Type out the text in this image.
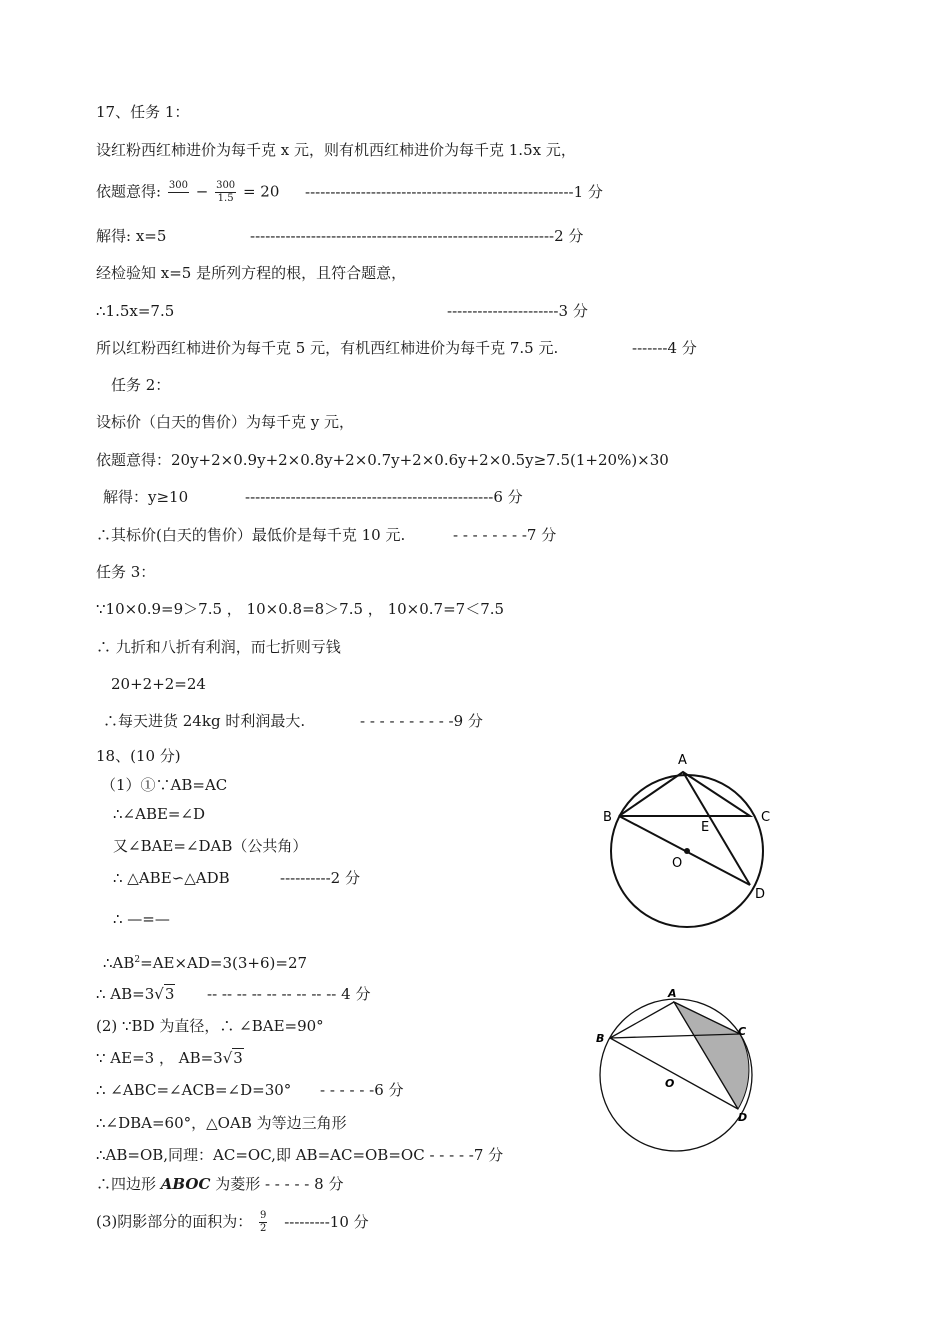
17、任务 1：
设红粉西红柿进价为每千克 x 元，则有机西红柿进价为每千克 1.5x 元，
依题意得: 300
− $\frac{300}{1.5} = 20$ -----------------------------------------------------1 分
解得: x=5	------------------------------------------------------------2 分
经检验知 x=5 是所列方程的根，且符合题意，
∴1.5x=7.5	----------------------3 分
所以红粉西红柿进价为每千克 5 元，有机西红柿进价为每千克 7.5 元.	-------4 分
任务 2：
设标价（白天的售价）为每千克 y 元，
依题意得：20y+2×0.9y+2×0.8y+2×0.7y+2×0.6y+2×0.5y≥7.5(1+20%)×30
解得：y≥10	-------------------------------------------------6 分
∴其标价(白天的售价）最低价是每千克 10 元.	- - - - - - - -7 分
任务 3：
∵10×0.9=9＞7.5 ， 10×0.8=8＞7.5 ， 10×0.7=7＜7.5
∴ 九折和八折有利润，而七折则亏钱
20+2+2=24
∴每天进货 24kg 时利润最大.	- - - - - - - - - -9 分
18、(10 分)
（1）①∵AB=AC
∴∠ABE=∠D
又∠BAE=∠DAB（公共角）
∴ △ABE∽△ADB	----------2 分
∴ —=—
$\therefore AB^2=AE\times AD=3(3+6)=27$
∴ AB=3√3 -- -- -- -- -- -- -- -- -- 4 分
(2) ∵BD 为直径，∴ ∠BAE=90°
∵ AE=3 ， AB=3√3
∴ ∠ABC=∠ACB=∠D=30° - - - - - -6 分
∴∠DBA=60°，△OAB 为等边三角形
∴AB=OB,同理：AC=OC,即 AB=AC=OB=OC - - - - -7 分
∴四边形 ABOC 为菱形 - - - - - 8 分
(3)阴影部分的面积为： $\frac{9}{2} ---------10$ 分
A
B	C
E
O
D
A
B
C
O
D
